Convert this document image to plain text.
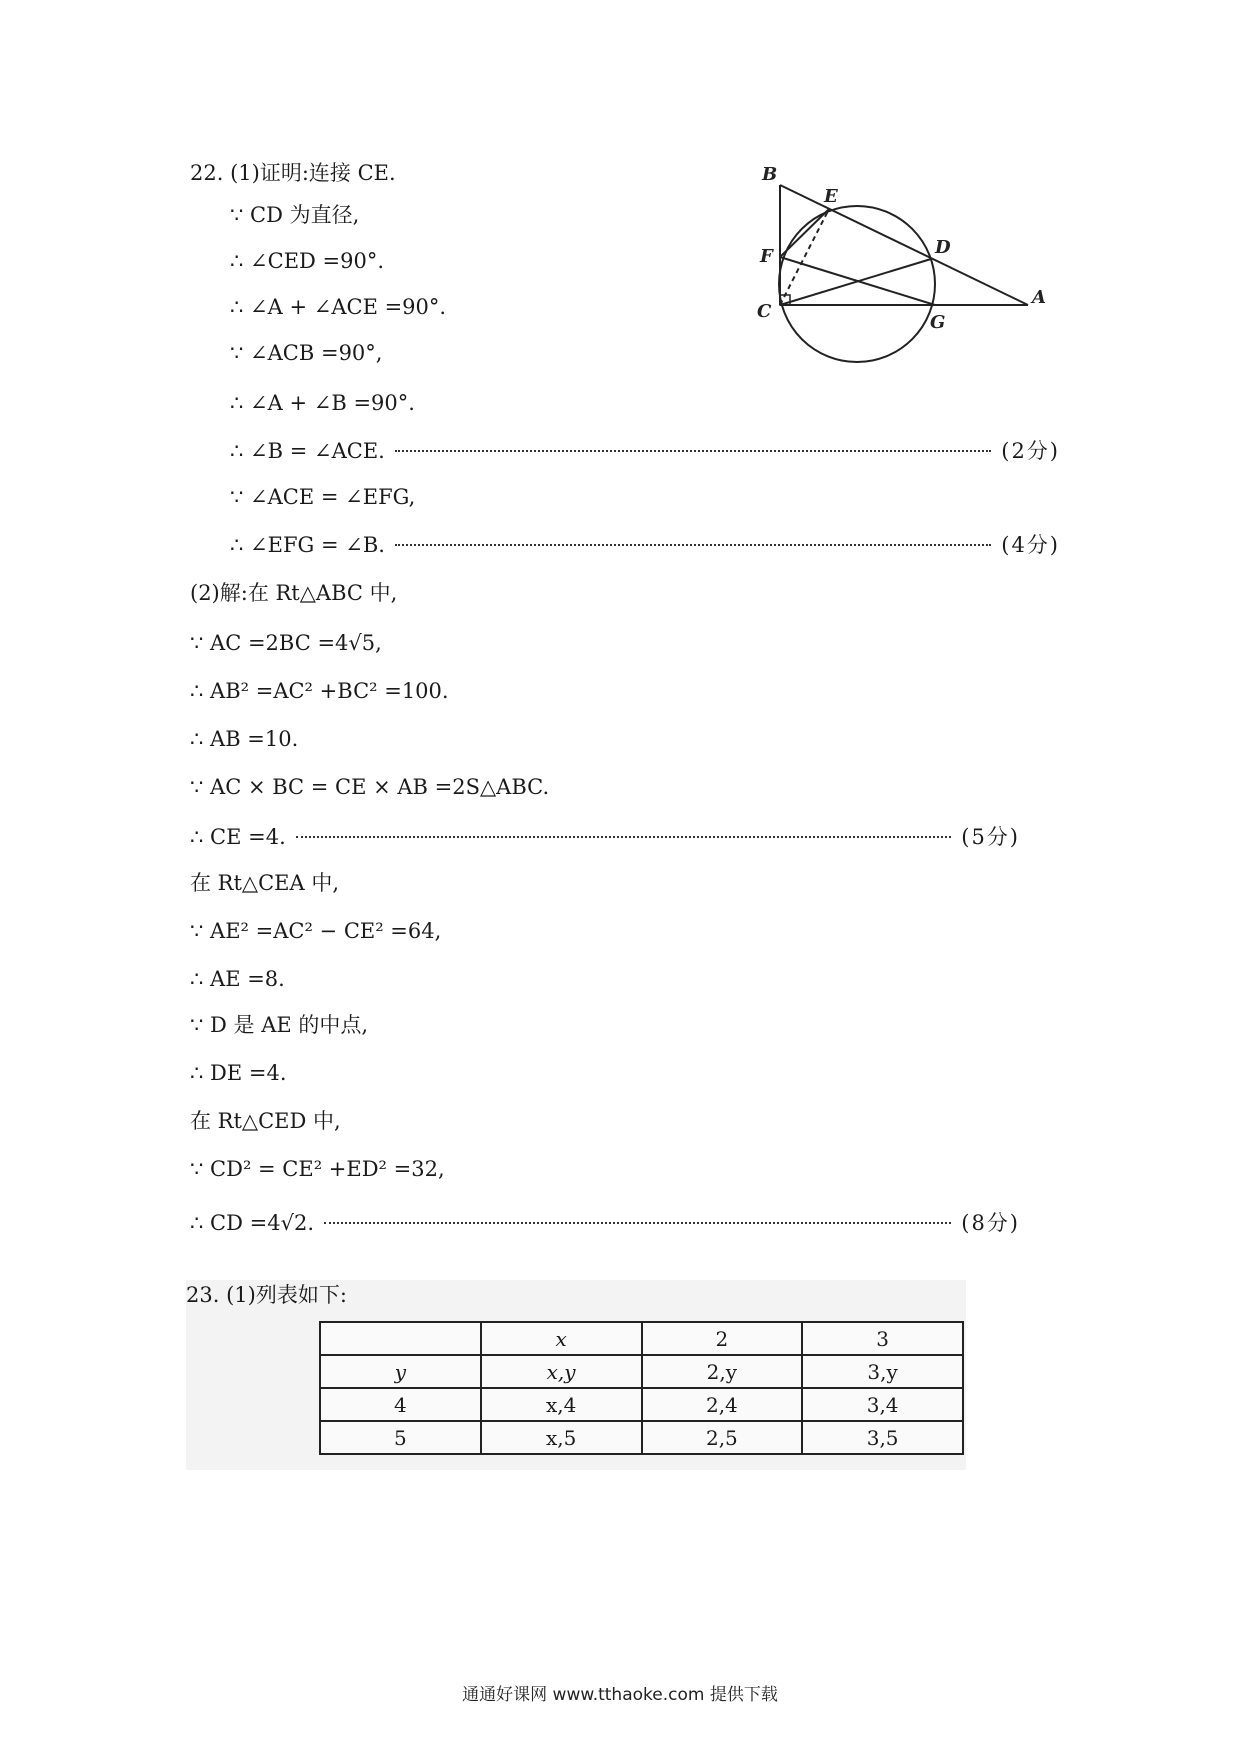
22. (1)证明:连接 CE.
∵ CD 为直径,
∴ ∠CED =90°.
∴ ∠A + ∠ACE =90°.
∵ ∠ACB =90°,
∴ ∠A + ∠B =90°.
∴ ∠B = ∠ACE.	(2分)
∵ ∠ACE = ∠EFG,
∴ ∠EFG = ∠B.	(4分)
(2)解:在 Rt△ABC 中,
∵ AC =2BC =4√5,
∴ AB² =AC² +BC² =100.
∴ AB =10.
∵ AC × BC = CE × AB =2S△ABC.
∴ CE =4.	(5分)
在 Rt△CEA 中,
∵ AE² =AC² − CE² =64,
∴ AE =8.
∵ D 是 AE 的中点,
∴ DE =4.
在 Rt△CED 中,
∵ CD² = CE² +ED² =32,
∴ CD =4√2.	(8分)
B
E
D
F
C
G
A
23. (1)列表如下:
	x	2	3
y	x,y	2,y	3,y
4	x,4	2,4	3,4
5	x,5	2,5	3,5
通通好课网 www.tthaoke.com 提供下载
